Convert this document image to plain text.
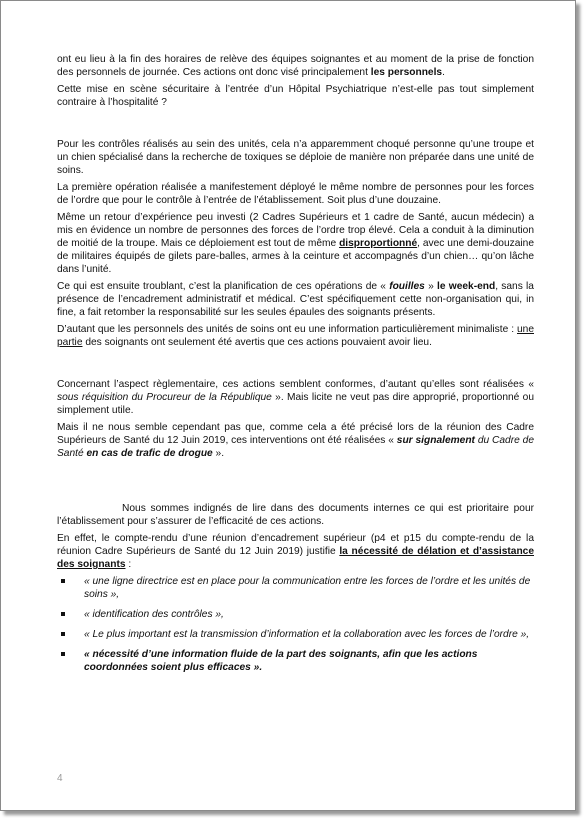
ont eu lieu à la fin des horaires de relève des équipes soignantes et au moment de la prise de fonction des personnels de journée. Ces actions ont donc visé principalement les personnels.

Cette mise en scène sécuritaire à l’entrée d’un Hôpital Psychiatrique n’est-elle pas tout simplement contraire à l’hospitalité ?

Pour les contrôles réalisés au sein des unités, cela n’a apparemment choqué personne qu’une troupe et un chien spécialisé dans la recherche de toxiques se déploie de manière non préparée dans une unité de soins.

La première opération réalisée a manifestement déployé le même nombre de personnes pour les forces de l’ordre que pour le contrôle à l’entrée de l’établissement. Soit plus d’une douzaine.

Même un retour d’expérience peu investi (2 Cadres Supérieurs et 1 cadre de Santé, aucun médecin) a mis en évidence un nombre de personnes des forces de l’ordre trop élevé. Cela a conduit à la diminution de moitié de la troupe. Mais ce déploiement est tout de même disproportionné, avec une demi-douzaine de militaires équipés de gilets pare-balles, armes à la ceinture et accompagnés d’un chien… qu’on lâche dans l’unité.

Ce qui est ensuite troublant, c’est la planification de ces opérations de « fouilles » le week-end, sans la présence de l’encadrement administratif et médical. C’est spécifiquement cette non-organisation qui, in fine, a fait retomber la responsabilité sur les seules épaules des soignants présents.

D’autant que les personnels des unités de soins ont eu une information particulièrement minimaliste : une partie des soignants ont seulement été avertis que ces actions pouvaient avoir lieu.

Concernant l’aspect règlementaire, ces actions semblent conformes, d’autant qu’elles sont réalisées « sous réquisition du Procureur de la République ». Mais licite ne veut pas dire approprié, proportionné ou simplement utile.

Mais il ne nous semble cependant pas que, comme cela a été précisé lors de la réunion des Cadre Supérieurs de Santé du 12 Juin 2019, ces interventions ont été réalisées « sur signalement du Cadre de Santé en cas de trafic de drogue ».

Nous sommes indignés de lire dans des documents internes ce qui est prioritaire pour l’établissement pour s’assurer de l’efficacité de ces actions.

En effet, le compte-rendu d’une réunion d’encadrement supérieur (p4 et p15 du compte-rendu de la réunion Cadre Supérieurs de Santé du 12 Juin 2019) justifie la nécessité de délation et d’assistance des soignants :

« une ligne directrice est en place pour la communication entre les forces de l’ordre et les unités de soins »,
« identification des contrôles »,
« Le plus important est la transmission d’information et la collaboration avec les forces de l’ordre »,
« nécessité d’une information fluide de la part des soignants, afin que les actions coordonnées soient plus efficaces ».
4
